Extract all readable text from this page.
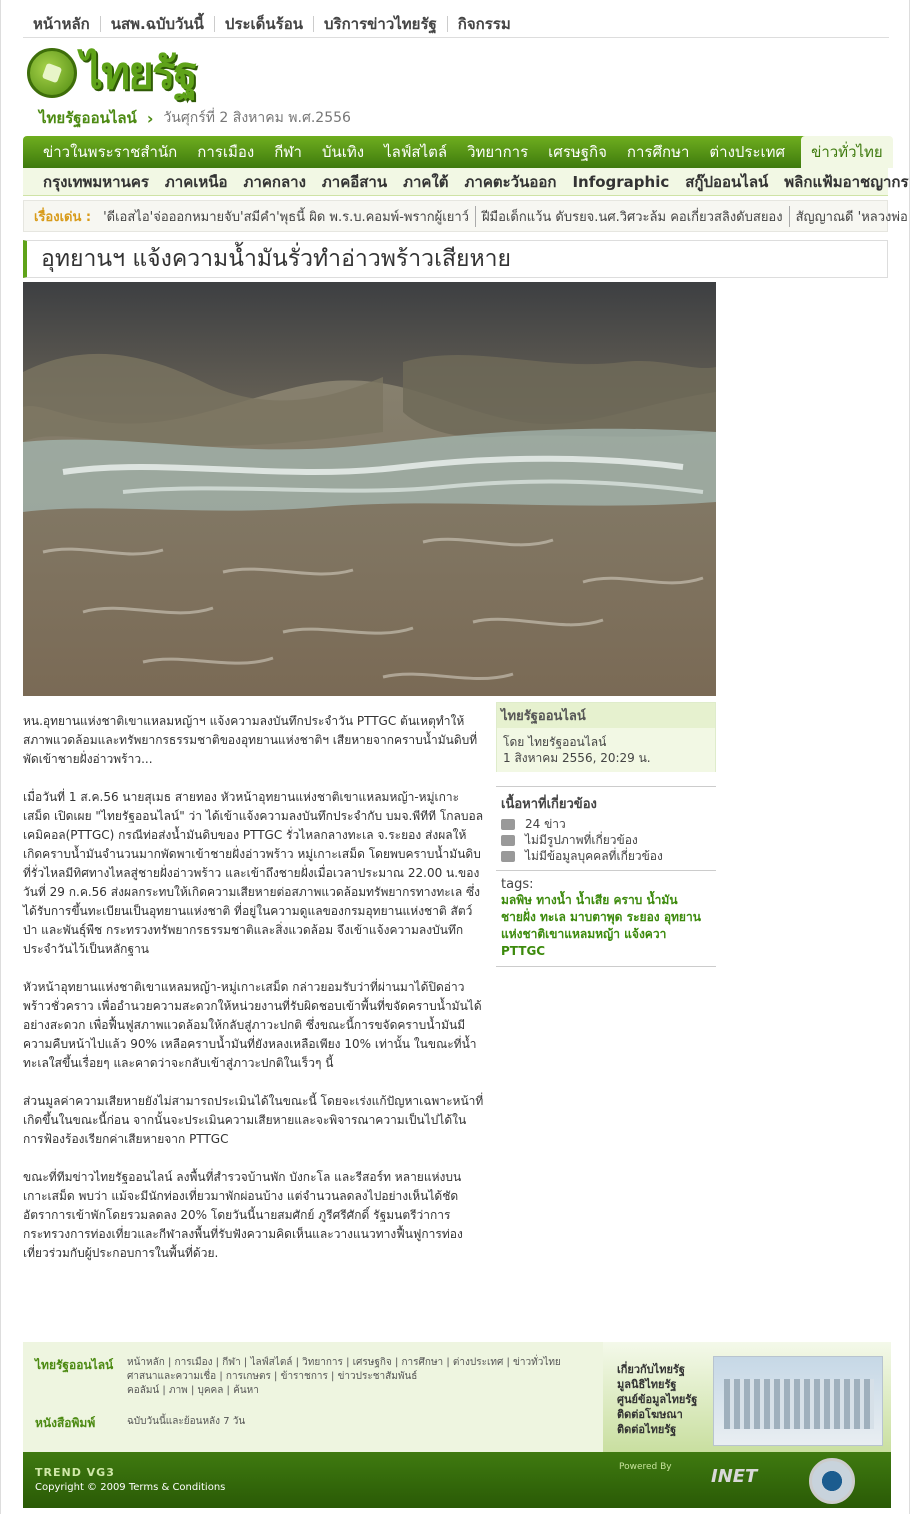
หน้าหลัก	นสพ.ฉบับวันนี้	ประเด็นร้อน	บริการข่าวไทยรัฐ	กิจกรรม
ไทยรัฐ
ไทยรัฐออนไลน์ › วันศุกร์ที่ 2 สิงหาคม พ.ศ.2556
ข่าวในพระราชสำนัก	การเมือง	กีฬา	บันเทิง	ไลฟ์สไตล์	วิทยาการ	เศรษฐกิจ	การศึกษา	ต่างประเทศ	ข่าวทั่วไทย
กรุงเทพมหานคร	ภาคเหนือ	ภาคกลาง	ภาคอีสาน	ภาคใต้	ภาคตะวันออก	Infographic	สกู๊ปออนไลน์	พลิกแฟ้มอาชญากร
เรื่องเด่น : 'ดีเอสไอ'จ่อออกหมายจับ'สมีคำ'พุธนี้ ผิด พ.ร.บ.คอมพ์-พรากผู้เยาว์	ฝีมือเด็กแว้น ดับรยจ.นศ.วิศวะล้ม คอเกี่ยวสลิงดับสยอง	สัญญาณดี 'หลวงพ่อ
อุทยานฯ แจ้งความน้ำมันรั่วทำอ่าวพร้าวเสียหาย

หน.อุทยานแห่งชาติเขาแหลมหญ้าฯ แจ้งความลงบันทึกประจำวัน PTTGC ต้นเหตุทำให้สภาพแวดล้อมและทรัพยากรธรรมชาติของอุทยานแห่งชาติฯ เสียหายจากคราบน้ำมันดิบที่พัดเข้าชายฝั่งอ่าวพร้าว...

เมื่อวันที่ 1 ส.ค.56 นายสุเมธ สายทอง หัวหน้าอุทยานแห่งชาติเขาแหลมหญ้า-หมู่เกาะเสม็ด เปิดเผย "ไทยรัฐออนไลน์" ว่า ได้เข้าแจ้งความลงบันทึกประจำกับ บมจ.พีทีที โกลบอล เคมิคอล(PTTGC) กรณีท่อส่งน้ำมันดิบของ PTTGC รั่วไหลกลางทะเล จ.ระยอง ส่งผลให้เกิดคราบน้ำมันจำนวนมากพัดพาเข้าชายฝั่งอ่าวพร้าว หมู่เกาะเสม็ด โดยพบคราบน้ำมันดิบที่รั่วไหลมีทิศทางไหลสู่ชายฝั่งอ่าวพร้าว และเข้าถึงชายฝั่งเมื่อเวลาประมาณ 22.00 น.ของวันที่ 29 ก.ค.56 ส่งผลกระทบให้เกิดความเสียหายต่อสภาพแวดล้อมทรัพยากรทางทะเล ซึ่งได้รับการขึ้นทะเบียนเป็นอุทยานแห่งชาติ ที่อยู่ในความดูแลของกรมอุทยานแห่งชาติ สัตว์ป่า และพันธุ์พืช กระทรวงทรัพยากรธรรมชาติและสิ่งแวดล้อม จึงเข้าแจ้งความลงบันทึกประจำวันไว้เป็นหลักฐาน

หัวหน้าอุทยานแห่งชาติเขาแหลมหญ้า-หมู่เกาะเสม็ด กล่าวยอมรับว่าที่ผ่านมาได้ปิดอ่าวพร้าวชั่วคราว เพื่ออำนวยความสะดวกให้หน่วยงานที่รับผิดชอบเข้าพื้นที่ขจัดคราบน้ำมันได้อย่างสะดวก เพื่อฟื้นฟูสภาพแวดล้อมให้กลับสู่ภาวะปกติ ซึ่งขณะนี้การขจัดคราบน้ำมันมีความคืบหน้าไปแล้ว 90% เหลือคราบน้ำมันที่ยังหลงเหลือเพียง 10% เท่านั้น ในขณะที่น้ำทะเลใสขึ้นเรื่อยๆ และคาดว่าจะกลับเข้าสู่ภาวะปกติในเร็วๆ นี้

ส่วนมูลค่าความเสียหายยังไม่สามารถประเมินได้ในขณะนี้ โดยจะเร่งแก้ปัญหาเฉพาะหน้าที่เกิดขึ้นในขณะนี้ก่อน จากนั้นจะประเมินความเสียหายและจะพิจารณาความเป็นไปได้ในการฟ้องร้องเรียกค่าเสียหายจาก PTTGC

ขณะที่ทีมข่าวไทยรัฐออนไลน์ ลงพื้นที่สำรวจบ้านพัก บังกะโล และรีสอร์ท หลายแห่งบนเกาะเสม็ด พบว่า แม้จะมีนักท่องเที่ยวมาพักผ่อนบ้าง แต่จำนวนลดลงไปอย่างเห็นได้ชัด อัตราการเข้าพักโดยรวมลดลง 20% โดยวันนี้นายสมศักย์ ภูรีศรีศักดิ์ รัฐมนตรีว่าการกระทรวงการท่องเที่ยวและกีฬาลงพื้นที่รับฟังความคิดเห็นและวางแนวทางฟื้นฟูการท่องเที่ยวร่วมกับผู้ประกอบการในพื้นที่ด้วย.

ไทยรัฐออนไลน์
โดย ไทยรัฐออนไลน์
1 สิงหาคม 2556, 20:29 น.
เนื้อหาที่เกี่ยวข้อง
24 ข่าว
ไม่มีรูปภาพที่เกี่ยวข้อง
ไม่มีข้อมูลบุคคลที่เกี่ยวข้อง
tags:
มลพิษ ทางน้ำ น้ำเสีย คราบ น้ำมัน ชายฝั่ง ทะเล มาบตาพุด ระยอง อุทยานแห่งชาติเขาแหลมหญ้า แจ้งควา PTTGC
ไทยรัฐออนไลน์ หน้าหลัก | การเมือง | กีฬา | ไลฟ์สไตล์ | วิทยาการ | เศรษฐกิจ | การศึกษา | ต่างประเทศ | ข่าวทั่วไทย
ศาสนาและความเชื่อ | การเกษตร | ข้าราชการ | ข่าวประชาสัมพันธ์
คอลัมน์ | ภาพ | บุคคล | ค้นหา
หนังสือพิมพ์	ฉบับวันนี้และย้อนหลัง 7 วัน
เกี่ยวกับไทยรัฐ
มูลนิธิไทยรัฐ
ศูนย์ข้อมูลไทยรัฐ
ติดต่อโฆษณา
ติดต่อไทยรัฐ
TREND VG3
Copyright © 2009 Terms & Conditions
Powered By INET
